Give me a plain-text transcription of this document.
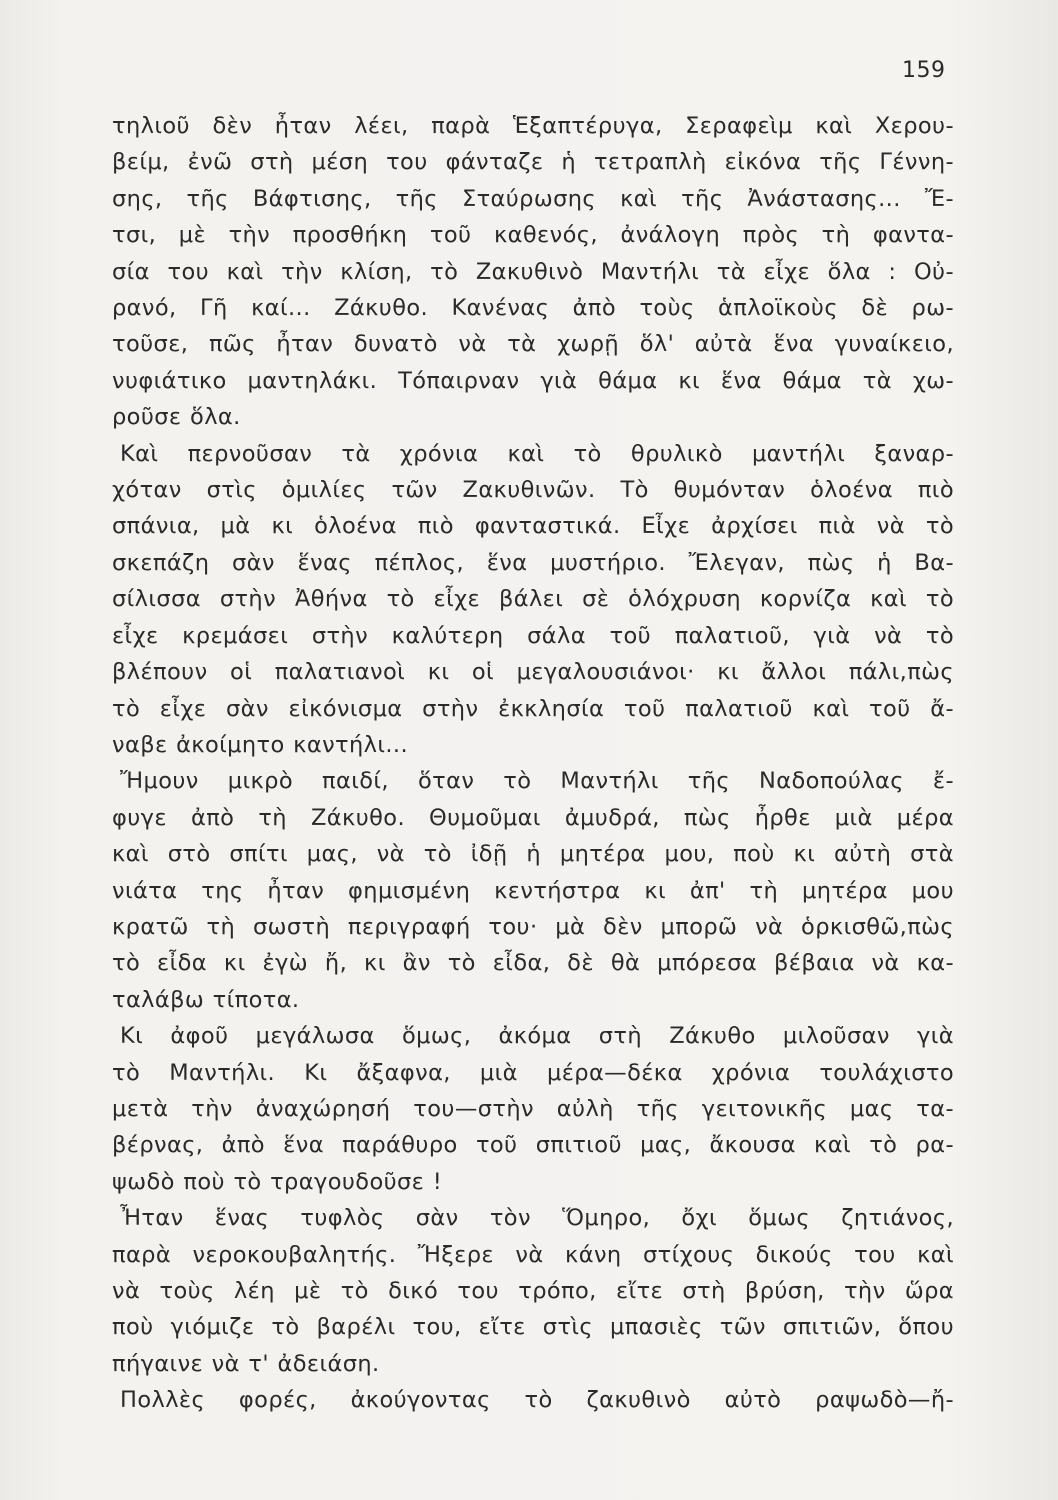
159
τηλιοῦ δὲν ἦταν λέει, παρὰ Ἑξαπτέρυγα, Σεραφεὶμ καὶ Χερου-
βείμ, ἐνῶ στὴ μέση του φάνταζε ἡ τετραπλὴ εἰκόνα τῆς Γέννη-
σης, τῆς Βάφτισης, τῆς Σταύρωσης καὶ τῆς Ἀνάστασης... Ἔ-
τσι, μὲ τὴν προσθήκη τοῦ καθενός, ἀνάλογη πρὸς τὴ φαντα-
σία του καὶ τὴν κλίση, τὸ Ζακυθινὸ Μαντήλι τὰ εἶχε ὅλα : Οὐ-
ρανό, Γῆ καί... Ζάκυθο. Κανένας ἀπὸ τοὺς ἁπλοϊκοὺς δὲ ρω-
τοῦσε, πῶς ἦταν δυνατὸ νὰ τὰ χωρῇ ὅλ' αὐτὰ ἕνα γυναίκειο,
νυφιάτικο μαντηλάκι. Τόπαιρναν γιὰ θάμα κι ἕνα θάμα τὰ χω-
ροῦσε ὅλα.
Καὶ περνοῦσαν τὰ χρόνια καὶ τὸ θρυλικὸ μαντήλι ξαναρ-
χόταν στὶς ὁμιλίες τῶν Ζακυθινῶν. Τὸ θυμόνταν ὁλοένα πιὸ
σπάνια, μὰ κι ὁλοένα πιὸ φανταστικά. Εἶχε ἀρχίσει πιὰ νὰ τὸ
σκεπάζη σὰν ἕνας πέπλος, ἕνα μυστήριο. Ἔλεγαν, πὼς ἡ Βα-
σίλισσα στὴν Ἀθήνα τὸ εἶχε βάλει σὲ ὁλόχρυση κορνίζα καὶ τὸ
εἶχε κρεμάσει στὴν καλύτερη σάλα τοῦ παλατιοῦ, γιὰ νὰ τὸ
βλέπουν οἱ παλατιανοὶ κι οἱ μεγαλουσιάνοι· κι ἄλλοι πάλι,πὼς
τὸ εἶχε σὰν εἰκόνισμα στὴν ἐκκλησία τοῦ παλατιοῦ καὶ τοῦ ἄ-
ναβε ἀκοίμητο καντήλι...
Ἤμουν μικρὸ παιδί, ὅταν τὸ Μαντήλι τῆς Ναδοπούλας ἔ-
φυγε ἀπὸ τὴ Ζάκυθο. Θυμοῦμαι ἀμυδρά, πὼς ἦρθε μιὰ μέρα
καὶ στὸ σπίτι μας, νὰ τὸ ἰδῇ ἡ μητέρα μου, ποὺ κι αὐτὴ στὰ
νιάτα της ἦταν φημισμένη κεντήστρα κι ἀπ' τὴ μητέρα μου
κρατῶ τὴ σωστὴ περιγραφή του· μὰ δὲν μπορῶ νὰ ὁρκισθῶ,πὼς
τὸ εἶδα κι ἐγὼ ἤ, κι ἂν τὸ εἶδα, δὲ θὰ μπόρεσα βέβαια νὰ κα-
ταλάβω τίποτα.
Κι ἀφοῦ μεγάλωσα ὅμως, ἀκόμα στὴ Ζάκυθο μιλοῦσαν γιὰ
τὸ Μαντήλι. Κι ἄξαφνα, μιὰ μέρα—δέκα χρόνια τουλάχιστο
μετὰ τὴν ἀναχώρησή του—στὴν αὐλὴ τῆς γειτονικῆς μας τα-
βέρνας, ἀπὸ ἕνα παράθυρο τοῦ σπιτιοῦ μας, ἄκουσα καὶ τὸ ρα-
ψωδὸ ποὺ τὸ τραγουδοῦσε !
Ἦταν ἕνας τυφλὸς σὰν τὸν Ὅμηρο, ὄχι ὅμως ζητιάνος,
παρὰ νεροκουβαλητής. Ἤξερε νὰ κάνη στίχους δικούς του καὶ
νὰ τοὺς λέη μὲ τὸ δικό του τρόπο, εἴτε στὴ βρύση, τὴν ὥρα
ποὺ γιόμιζε τὸ βαρέλι του, εἴτε στὶς μπασιὲς τῶν σπιτιῶν, ὅπου
πήγαινε νὰ τ' ἀδειάση.
Πολλὲς φορές, ἀκούγοντας τὸ ζακυθινὸ αὐτὸ ραψωδὸ—ἤ-
